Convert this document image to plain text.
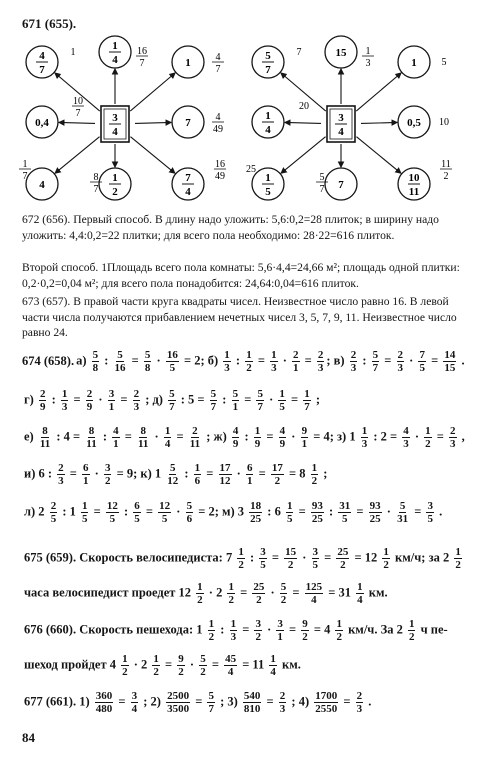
671 (655).
4
7
1
4	1
0,4	7
4
1
2
7
4
3
4
1	16
7
4
7
10
7	4
49
1
7	8
7
16
49
5
7
15
1
1
4
0,5
1
5
7
10
11
3
4
7	1
3	5
20
10
25
5
7
11
2
672 (656). Первый способ. В длину надо уложить: 5,6:0,2=28 плиток; в ширину надо уложить: 4,4:0,2=22 плитки; для всего пола необходимо: 28·22=616 плиток.
Второй способ. 1Площадь всего пола комнаты: 5,6·4,4=24,66 м²; площадь одной плитки: 0,2·0,2=0,04 м²; для всего пола понадобится: 24,64:0,04=616 плиток.
673 (657). В правой части круга квадраты чисел. Неизвестное число равно 16. В левой части числа получаются прибавлением нечетных чисел 3, 5, 7, 9, 11. Неизвестное число равно 24.
674 (658). $а) \frac{5}{8}$ : $\frac{5}{16} = \frac{5}{8} \cdot \frac{16}{5} = 2$; $б) \frac{1}{3}$ : $\frac{1}{2} = \frac{1}{3} \cdot \frac{2}{1} = \frac{2}{3}$ ; $в) \frac{2}{3}$ : $\frac{5}{7} = \frac{2}{3} \cdot \frac{7}{5} = \frac{14}{15}$ .
$г) \frac{2}{9}$ : $\frac{1}{3} = \frac{2}{9} \cdot \frac{3}{1} = \frac{2}{3}$ ; $д) \frac{5}{7}$ : $5 = \frac{5}{7}$ : $\frac{5}{1} = \frac{5}{7} \cdot \frac{1}{5} = \frac{1}{7}$ ;
$е) \frac{8}{11}$ : $4 = \frac{8}{11}$ : $\frac{4}{1} = \frac{8}{11} \cdot \frac{1}{4} = \frac{2}{11}$ ; $ж) \frac{4}{9}$ : $\frac{1}{9} = \frac{4}{9} \cdot \frac{9}{1} = 4$; з) $1 \frac{1}{3}$ : $2 = \frac{4}{3} \cdot \frac{1}{2} = \frac{2}{3}$ ,
и) 6 : $\frac{2}{3} = \frac{6}{1} \cdot \frac{3}{2} = 9$; к) $1 \frac{5}{12}$ : $\frac{1}{6} = \frac{17}{12} \cdot \frac{6}{1} = \frac{17}{2} = 8 \frac{1}{2}$ ;
л) $2 \frac{2}{5}$ : $1 \frac{1}{5} = \frac{12}{5}$ : $\frac{6}{5} = \frac{12}{5} \cdot \frac{5}{6} = 2$; м) $3 \frac{18}{25}$ : $6 \frac{1}{5} = \frac{93}{25}$ : $\frac{31}{5} = \frac{93}{25} \cdot \frac{5}{31} = \frac{3}{5}$ .
675 (659). Скорость велосипедиста: $7 \frac{1}{2}$ : $\frac{3}{5} = \frac{15}{2} \cdot \frac{3}{5} = \frac{25}{2} = 12 \frac{1}{2} км/ч$; за $2 \frac{1}{2}$
часа велосипедист проедет $12 \frac{1}{2} \cdot 2 \frac{1}{2} = \frac{25}{2} \cdot \frac{5}{2} = \frac{125}{4} = 31 \frac{1}{4}$ км.
676 (660). Скорость пешехода: $1 \frac{1}{2}$ : $\frac{1}{3} = \frac{3}{2} \cdot \frac{3}{1} = \frac{9}{2} = 4 \frac{1}{2} км/ч$. За $2 \frac{1}{2}$ ч пе-
шеход пройдет $4 \frac{1}{2} \cdot 2 \frac{1}{2} = \frac{9}{2} \cdot \frac{5}{2} = \frac{45}{4} = 11 \frac{1}{4}$ км.
677 (661). $1) \frac{360}{480} = \frac{3}{4}$ ; $2) \frac{2500}{3500} = \frac{5}{7}$ ; $3) \frac{540}{810} = \frac{2}{3}$ ; $4) \frac{1700}{2550} = \frac{2}{3}$ .
84
